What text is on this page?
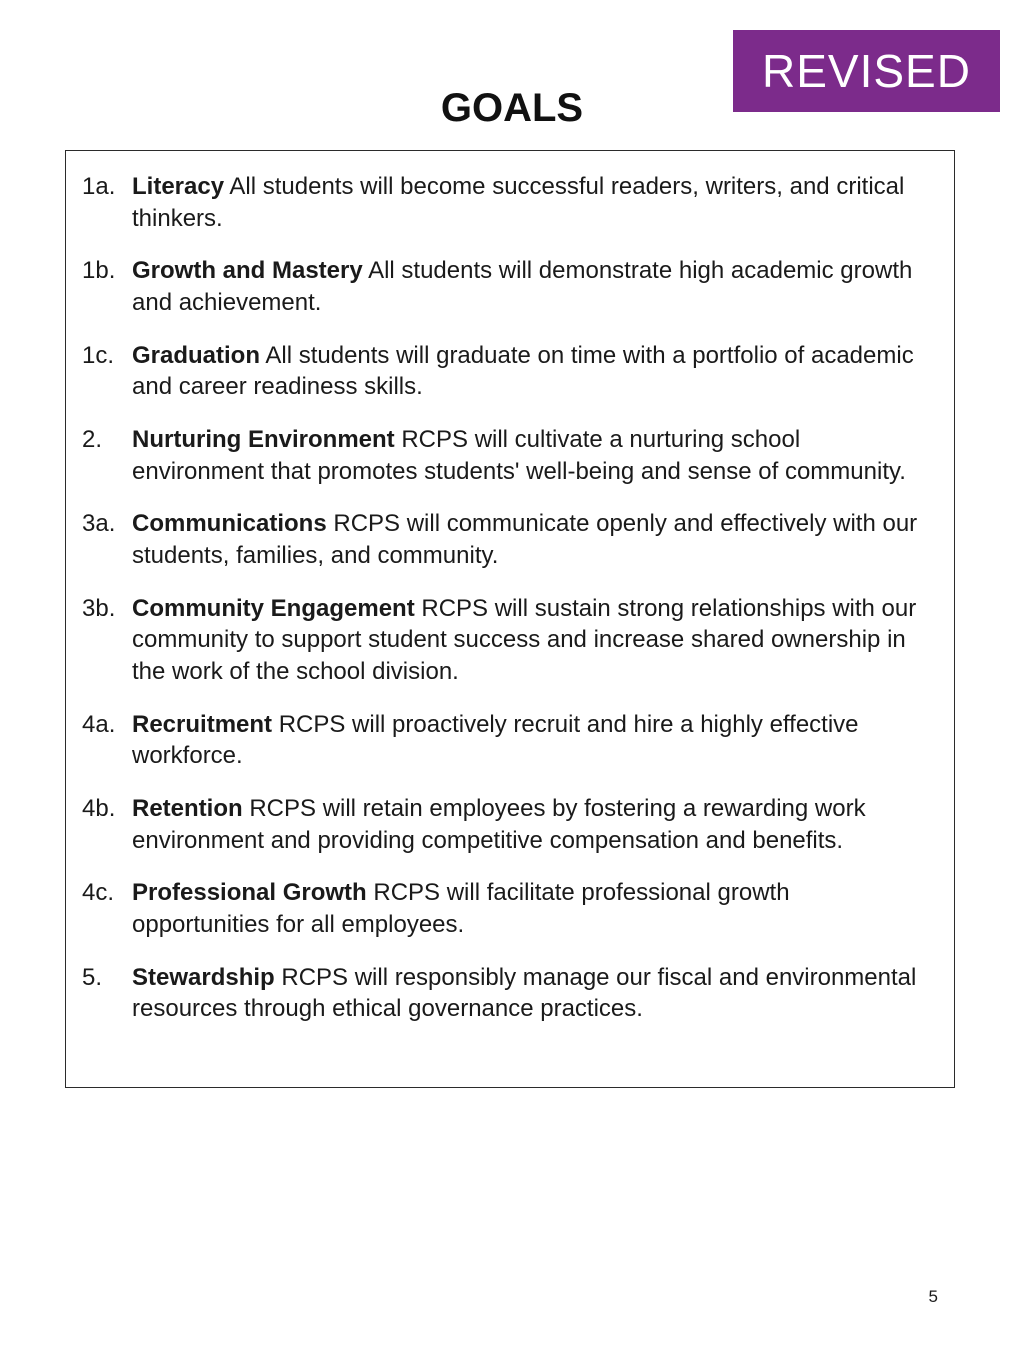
REVISED
GOALS
1a. Literacy All students will become successful readers, writers, and critical thinkers.

1b. Growth and Mastery All students will demonstrate high academic growth and achievement.

1c. Graduation All students will graduate on time with a portfolio of academic and career readiness skills.

2.	Nurturing Environment RCPS will cultivate a nurturing school environment that promotes students' well-being and sense of community.

3a. Communications RCPS will communicate openly and effectively with our students, families, and community.

3b. Community Engagement RCPS will sustain strong relationships with our community to support student success and increase shared ownership in the work of the school division.

4a. Recruitment RCPS will proactively recruit and hire a highly effective workforce.

4b. Retention RCPS will retain employees by fostering a rewarding work environment and providing competitive compensation and benefits.

4c. Professional Growth RCPS will facilitate professional growth opportunities for all employees.

5.	Stewardship RCPS will responsibly manage our fiscal and environmental resources through ethical governance practices.

5
